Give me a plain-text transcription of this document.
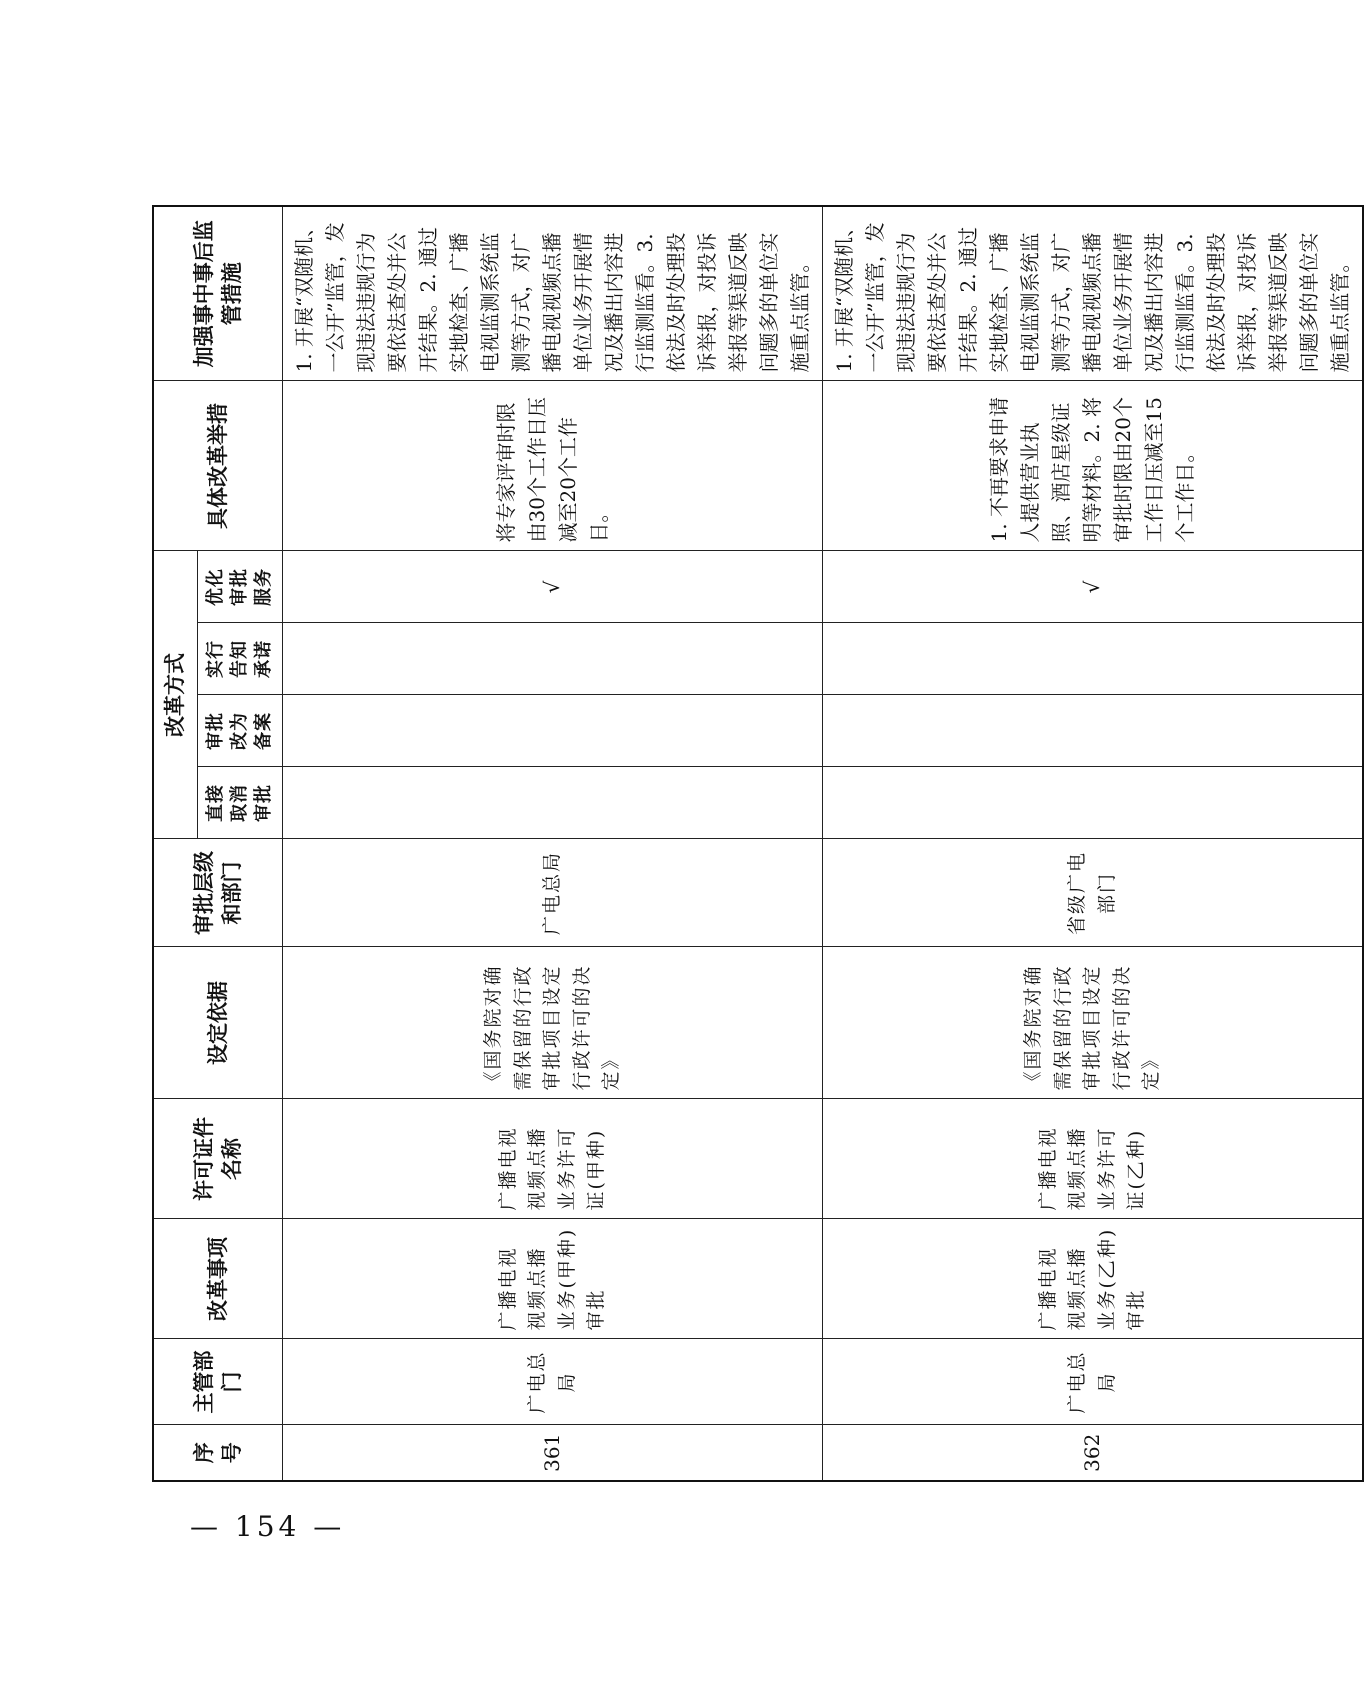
序号	主管部门	改革事项	许可证件名称	设定依据	审批层级和部门	改革方式				具体改革举措	加强事中事后监管措施
						直接取消审批	审批改为备案	实行告知承诺	优化审批服务		
361	广电总局	广播电视视频点播业务(甲种)审批	广播电视视频点播业务许可证(甲种)	《国务院对确需保留的行政审批项目设定行政许可的决定》	广电总局				√	将专家评审时限由30个工作日压减至20个工作日。	1. 开展“双随机、一公开”监管，发现违法违规行为要依法查处并公开结果。2. 通过实地检查、广播电视监测系统监测等方式，对广播电视视频点播单位业务开展情况及播出内容进行监测监看。3. 依法及时处理投诉举报，对投诉举报等渠道反映问题多的单位实施重点监管。
362	广电总局	广播电视视频点播业务(乙种)审批	广播电视视频点播业务许可证(乙种)	《国务院对确需保留的行政审批项目设定行政许可的决定》	省级广电部门				√	1. 不再要求申请人提供营业执照、酒店星级证明等材料。2. 将审批时限由20个工作日压减至15个工作日。	1. 开展“双随机、一公开”监管，发现违法违规行为要依法查处并公开结果。2. 通过实地检查、广播电视监测系统监测等方式，对广播电视视频点播单位业务开展情况及播出内容进行监测监看。3. 依法及时处理投诉举报，对投诉举报等渠道反映问题多的单位实施重点监管。
— 154 —
